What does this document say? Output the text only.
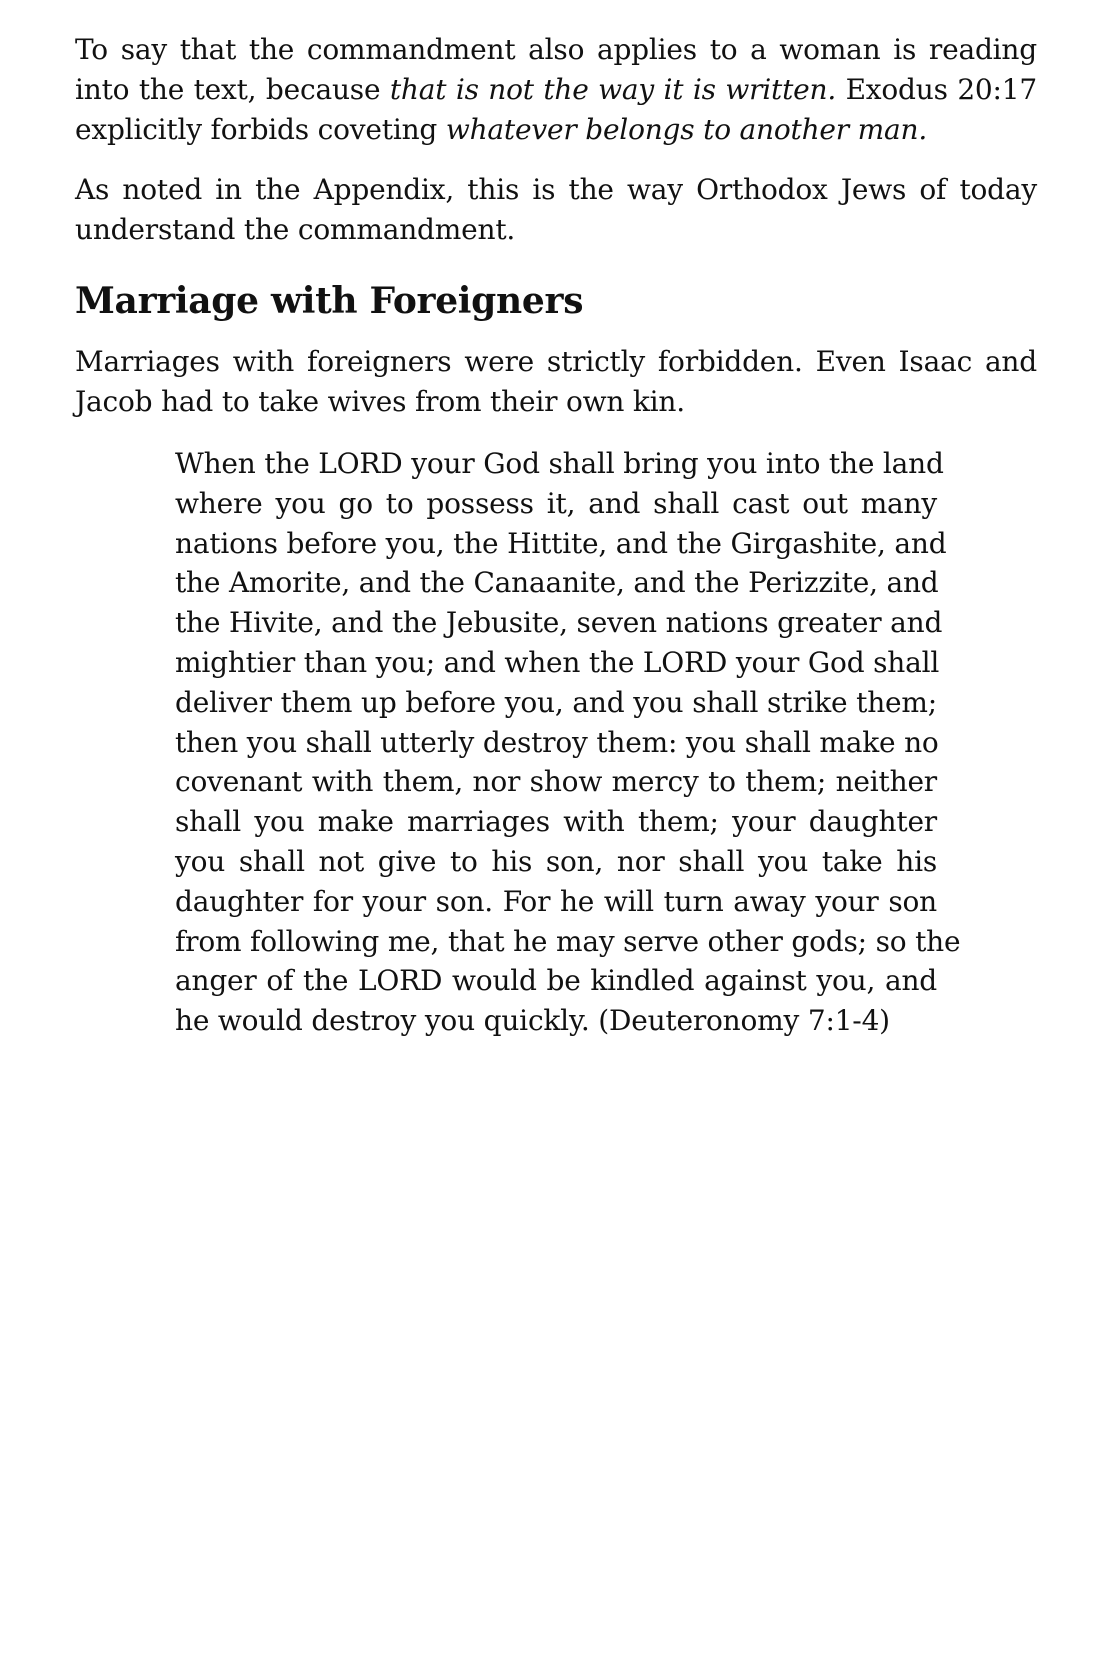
To say that the commandment also applies to a woman is reading into the text, because that is not the way it is written. Exodus 20:17 explicitly forbids coveting whatever belongs to another man.

As noted in the Appendix, this is the way Orthodox Jews of today understand the commandment.

Marriage with Foreigners

Marriages with foreigners were strictly forbidden. Even Isaac and Jacob had to take wives from their own kin.

When the LORD your God shall bring you into the land
where you go to possess it, and shall cast out many
nations before you, the Hittite, and the Girgashite, and
the Amorite, and the Canaanite, and the Perizzite, and
the Hivite, and the Jebusite, seven nations greater and
mightier than you; and when the LORD your God shall
deliver them up before you, and you shall strike them;
then you shall utterly destroy them: you shall make no
covenant with them, nor show mercy to them; neither
shall you make marriages with them; your daughter
you shall not give to his son, nor shall you take his
daughter for your son. For he will turn away your son
from following me, that he may serve other gods; so the
anger of the LORD would be kindled against you, and
he would destroy you quickly. (Deuteronomy 7:1-4)
